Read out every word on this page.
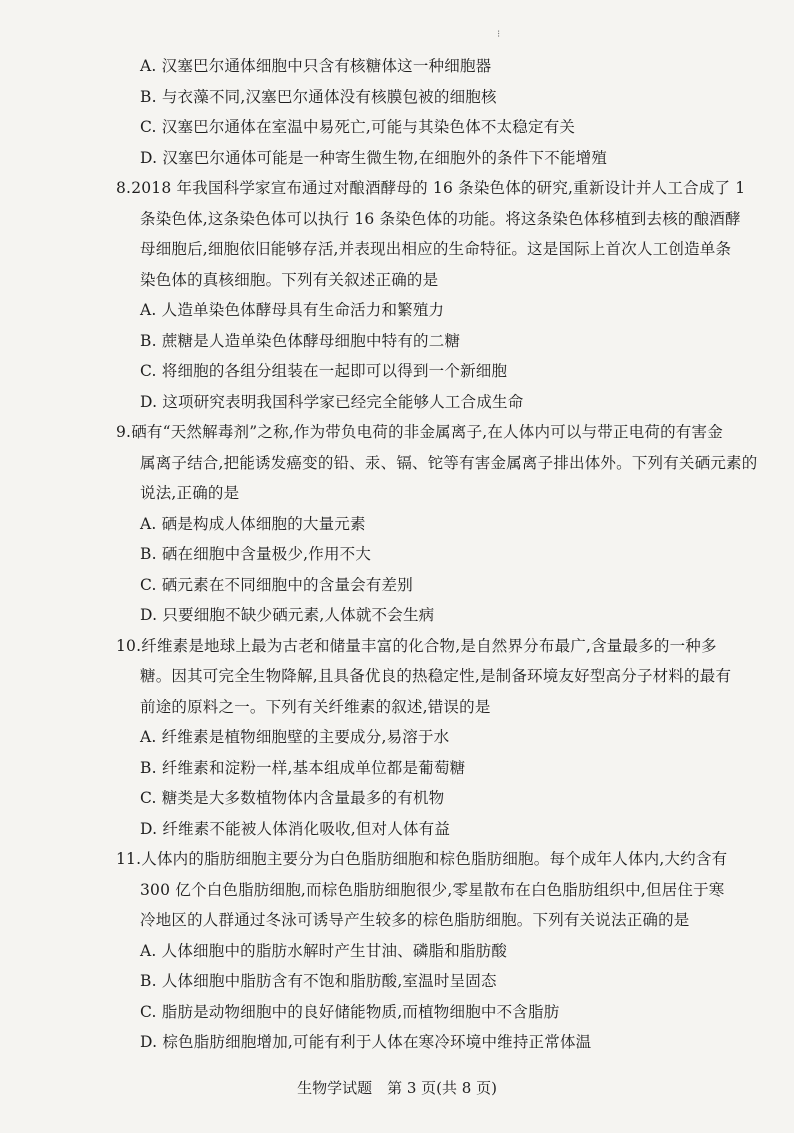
⁝
A. 汉塞巴尔通体细胞中只含有核糖体这一种细胞器
B. 与衣藻不同,汉塞巴尔通体没有核膜包被的细胞核
C. 汉塞巴尔通体在室温中易死亡,可能与其染色体不太稳定有关
D. 汉塞巴尔通体可能是一种寄生微生物,在细胞外的条件下不能增殖
8.2018 年我国科学家宣布通过对酿酒酵母的 16 条染色体的研究,重新设计并人工合成了 1
条染色体,这条染色体可以执行 16 条染色体的功能。将这条染色体移植到去核的酿酒酵
母细胞后,细胞依旧能够存活,并表现出相应的生命特征。这是国际上首次人工创造单条
染色体的真核细胞。下列有关叙述正确的是
A. 人造单染色体酵母具有生命活力和繁殖力
B. 蔗糖是人造单染色体酵母细胞中特有的二糖
C. 将细胞的各组分组装在一起即可以得到一个新细胞
D. 这项研究表明我国科学家已经完全能够人工合成生命
9.硒有“天然解毒剂”之称,作为带负电荷的非金属离子,在人体内可以与带正电荷的有害金
属离子结合,把能诱发癌变的铅、汞、镉、铊等有害金属离子排出体外。下列有关硒元素的
说法,正确的是
A. 硒是构成人体细胞的大量元素
B. 硒在细胞中含量极少,作用不大
C. 硒元素在不同细胞中的含量会有差别
D. 只要细胞不缺少硒元素,人体就不会生病
10.纤维素是地球上最为古老和储量丰富的化合物,是自然界分布最广,含量最多的一种多
糖。因其可完全生物降解,且具备优良的热稳定性,是制备环境友好型高分子材料的最有
前途的原料之一。下列有关纤维素的叙述,错误的是
A. 纤维素是植物细胞壁的主要成分,易溶于水
B. 纤维素和淀粉一样,基本组成单位都是葡萄糖
C. 糖类是大多数植物体内含量最多的有机物
D. 纤维素不能被人体消化吸收,但对人体有益
11.人体内的脂肪细胞主要分为白色脂肪细胞和棕色脂肪细胞。每个成年人体内,大约含有
300 亿个白色脂肪细胞,而棕色脂肪细胞很少,零星散布在白色脂肪组织中,但居住于寒
冷地区的人群通过冬泳可诱导产生较多的棕色脂肪细胞。下列有关说法正确的是
A. 人体细胞中的脂肪水解时产生甘油、磷脂和脂肪酸
B. 人体细胞中脂肪含有不饱和脂肪酸,室温时呈固态
C. 脂肪是动物细胞中的良好储能物质,而植物细胞中不含脂肪
D. 棕色脂肪细胞增加,可能有利于人体在寒冷环境中维持正常体温
生物学试题　第 3 页(共 8 页)
